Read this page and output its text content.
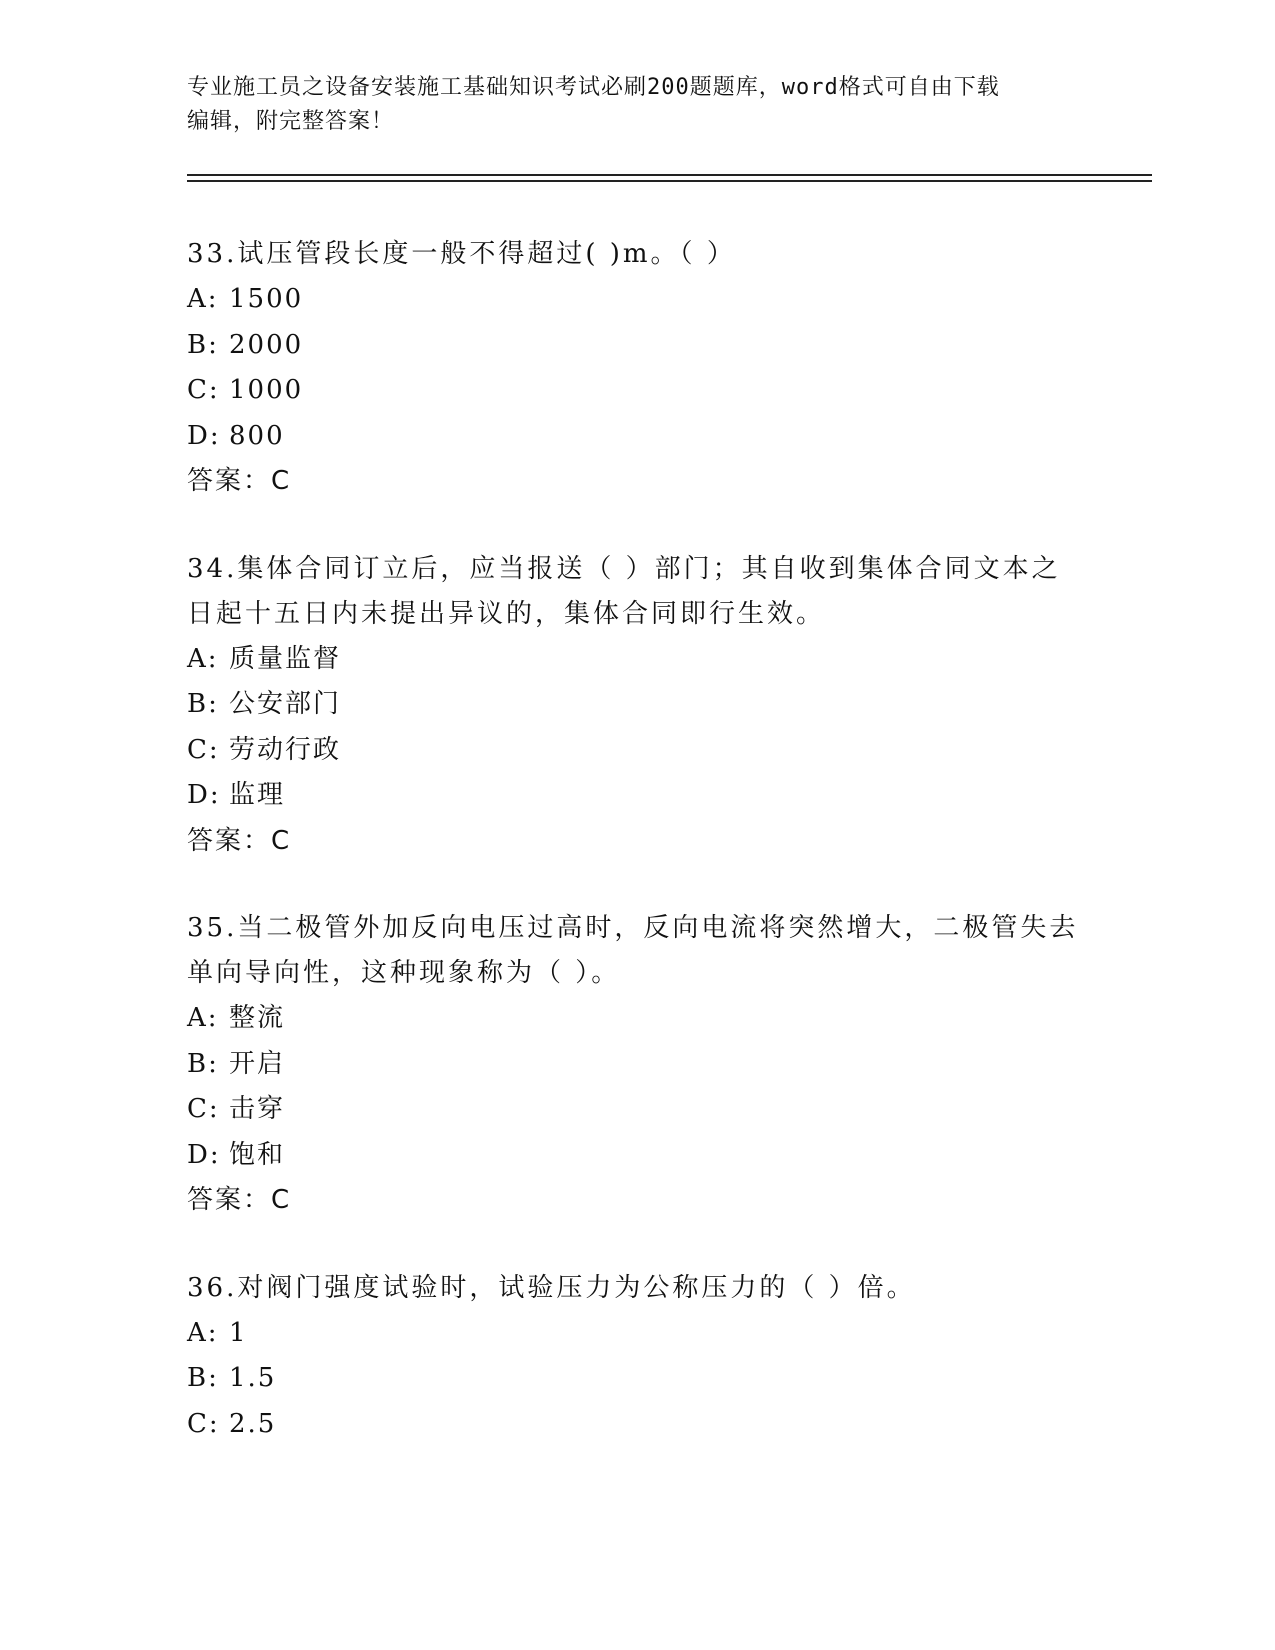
专业施工员之设备安装施工基础知识考试必刷200题题库，word格式可自由下载
编辑，附完整答案！
33.试压管段长度一般不得超过( )m。（ ）
A: 1500
B: 2000
C: 1000
D: 800
答案：C
34.集体合同订立后，应当报送（ ）部门；其自收到集体合同文本之日起十五日内未提出异议的，集体合同即行生效。
A: 质量监督
B: 公安部门
C: 劳动行政
D: 监理
答案：C
35.当二极管外加反向电压过高时，反向电流将突然增大，二极管失去单向导向性，这种现象称为（ ）。
A: 整流
B: 开启
C: 击穿
D: 饱和
答案：C
36.对阀门强度试验时，试验压力为公称压力的（ ）倍。
A: 1
B: 1.5
C: 2.5
